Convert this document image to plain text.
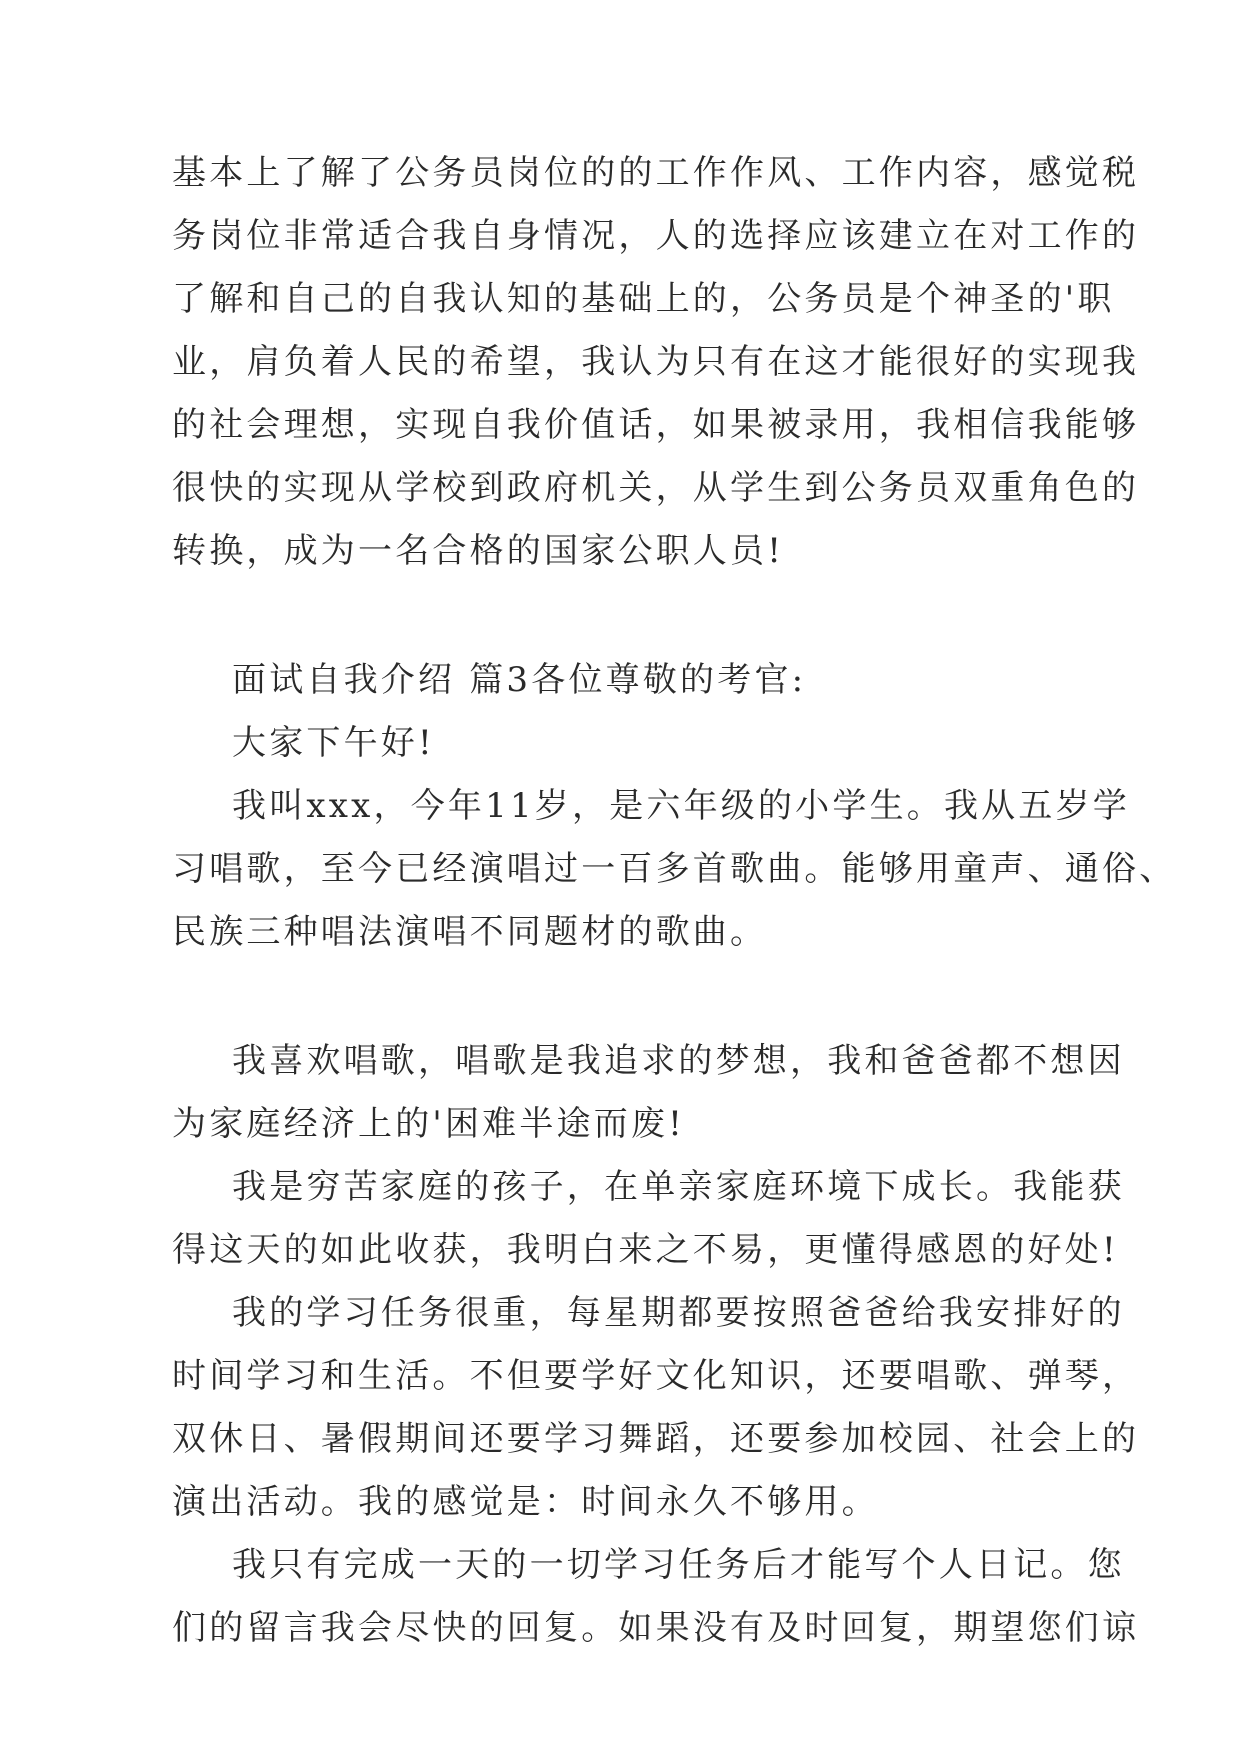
基本上了解了公务员岗位的的工作作风、工作内容，感觉税
务岗位非常适合我自身情况，人的选择应该建立在对工作的
了解和自己的自我认知的基础上的，公务员是个神圣的'职
业，肩负着人民的希望，我认为只有在这才能很好的实现我
的社会理想，实现自我价值话，如果被录用，我相信我能够
很快的实现从学校到政府机关，从学生到公务员双重角色的
转换，成为一名合格的国家公职人员!
面试自我介绍 篇3各位尊敬的考官:
大家下午好!
我叫xxx，今年11岁，是六年级的小学生。我从五岁学
习唱歌，至今已经演唱过一百多首歌曲。能够用童声、通俗、
民族三种唱法演唱不同题材的歌曲。
我喜欢唱歌，唱歌是我追求的梦想，我和爸爸都不想因
为家庭经济上的'困难半途而废!
我是穷苦家庭的孩子，在单亲家庭环境下成长。我能获
得这天的如此收获，我明白来之不易，更懂得感恩的好处!
我的学习任务很重，每星期都要按照爸爸给我安排好的
时间学习和生活。不但要学好文化知识，还要唱歌、弹琴，
双休日、暑假期间还要学习舞蹈，还要参加校园、社会上的
演出活动。我的感觉是：时间永久不够用。
我只有完成一天的一切学习任务后才能写个人日记。您
们的留言我会尽快的回复。如果没有及时回复，期望您们谅
